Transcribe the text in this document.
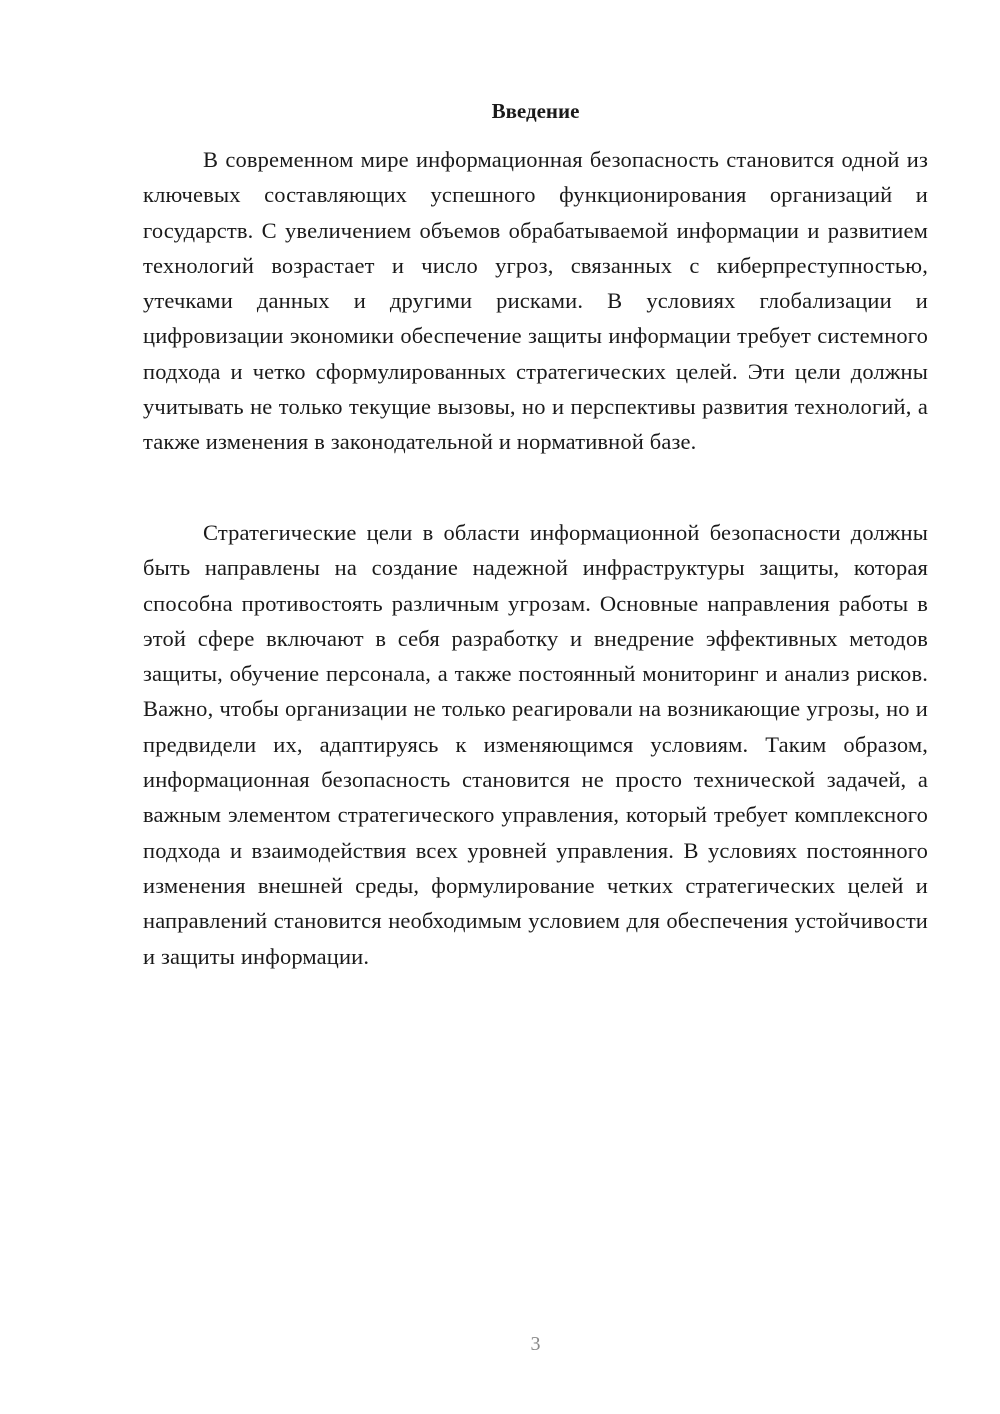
Введение

В современном мире информационная безопасность становится одной из ключевых составляющих успешного функционирования организаций и государств. С увеличением объемов обрабатываемой информации и развитием технологий возрастает и число угроз, связанных с киберпреступностью, утечками данных и другими рисками. В условиях глобализации и цифровизации экономики обеспечение защиты информации требует системного подхода и четко сформулированных стратегических целей. Эти цели должны учитывать не только текущие вызовы, но и перспективы развития технологий, а также изменения в законодательной и нормативной базе.

Стратегические цели в области информационной безопасности должны быть направлены на создание надежной инфраструктуры защиты, которая способна противостоять различным угрозам. Основные направления работы в этой сфере включают в себя разработку и внедрение эффективных методов защиты, обучение персонала, а также постоянный мониторинг и анализ рисков. Важно, чтобы организации не только реагировали на возникающие угрозы, но и предвидели их, адаптируясь к изменяющимся условиям. Таким образом, информационная безопасность становится не просто технической задачей, а важным элементом стратегического управления, который требует комплексного подхода и взаимодействия всех уровней управления. В условиях постоянного изменения внешней среды, формулирование четких стратегических целей и направлений становится необходимым условием для обеспечения устойчивости и защиты информации.

3
